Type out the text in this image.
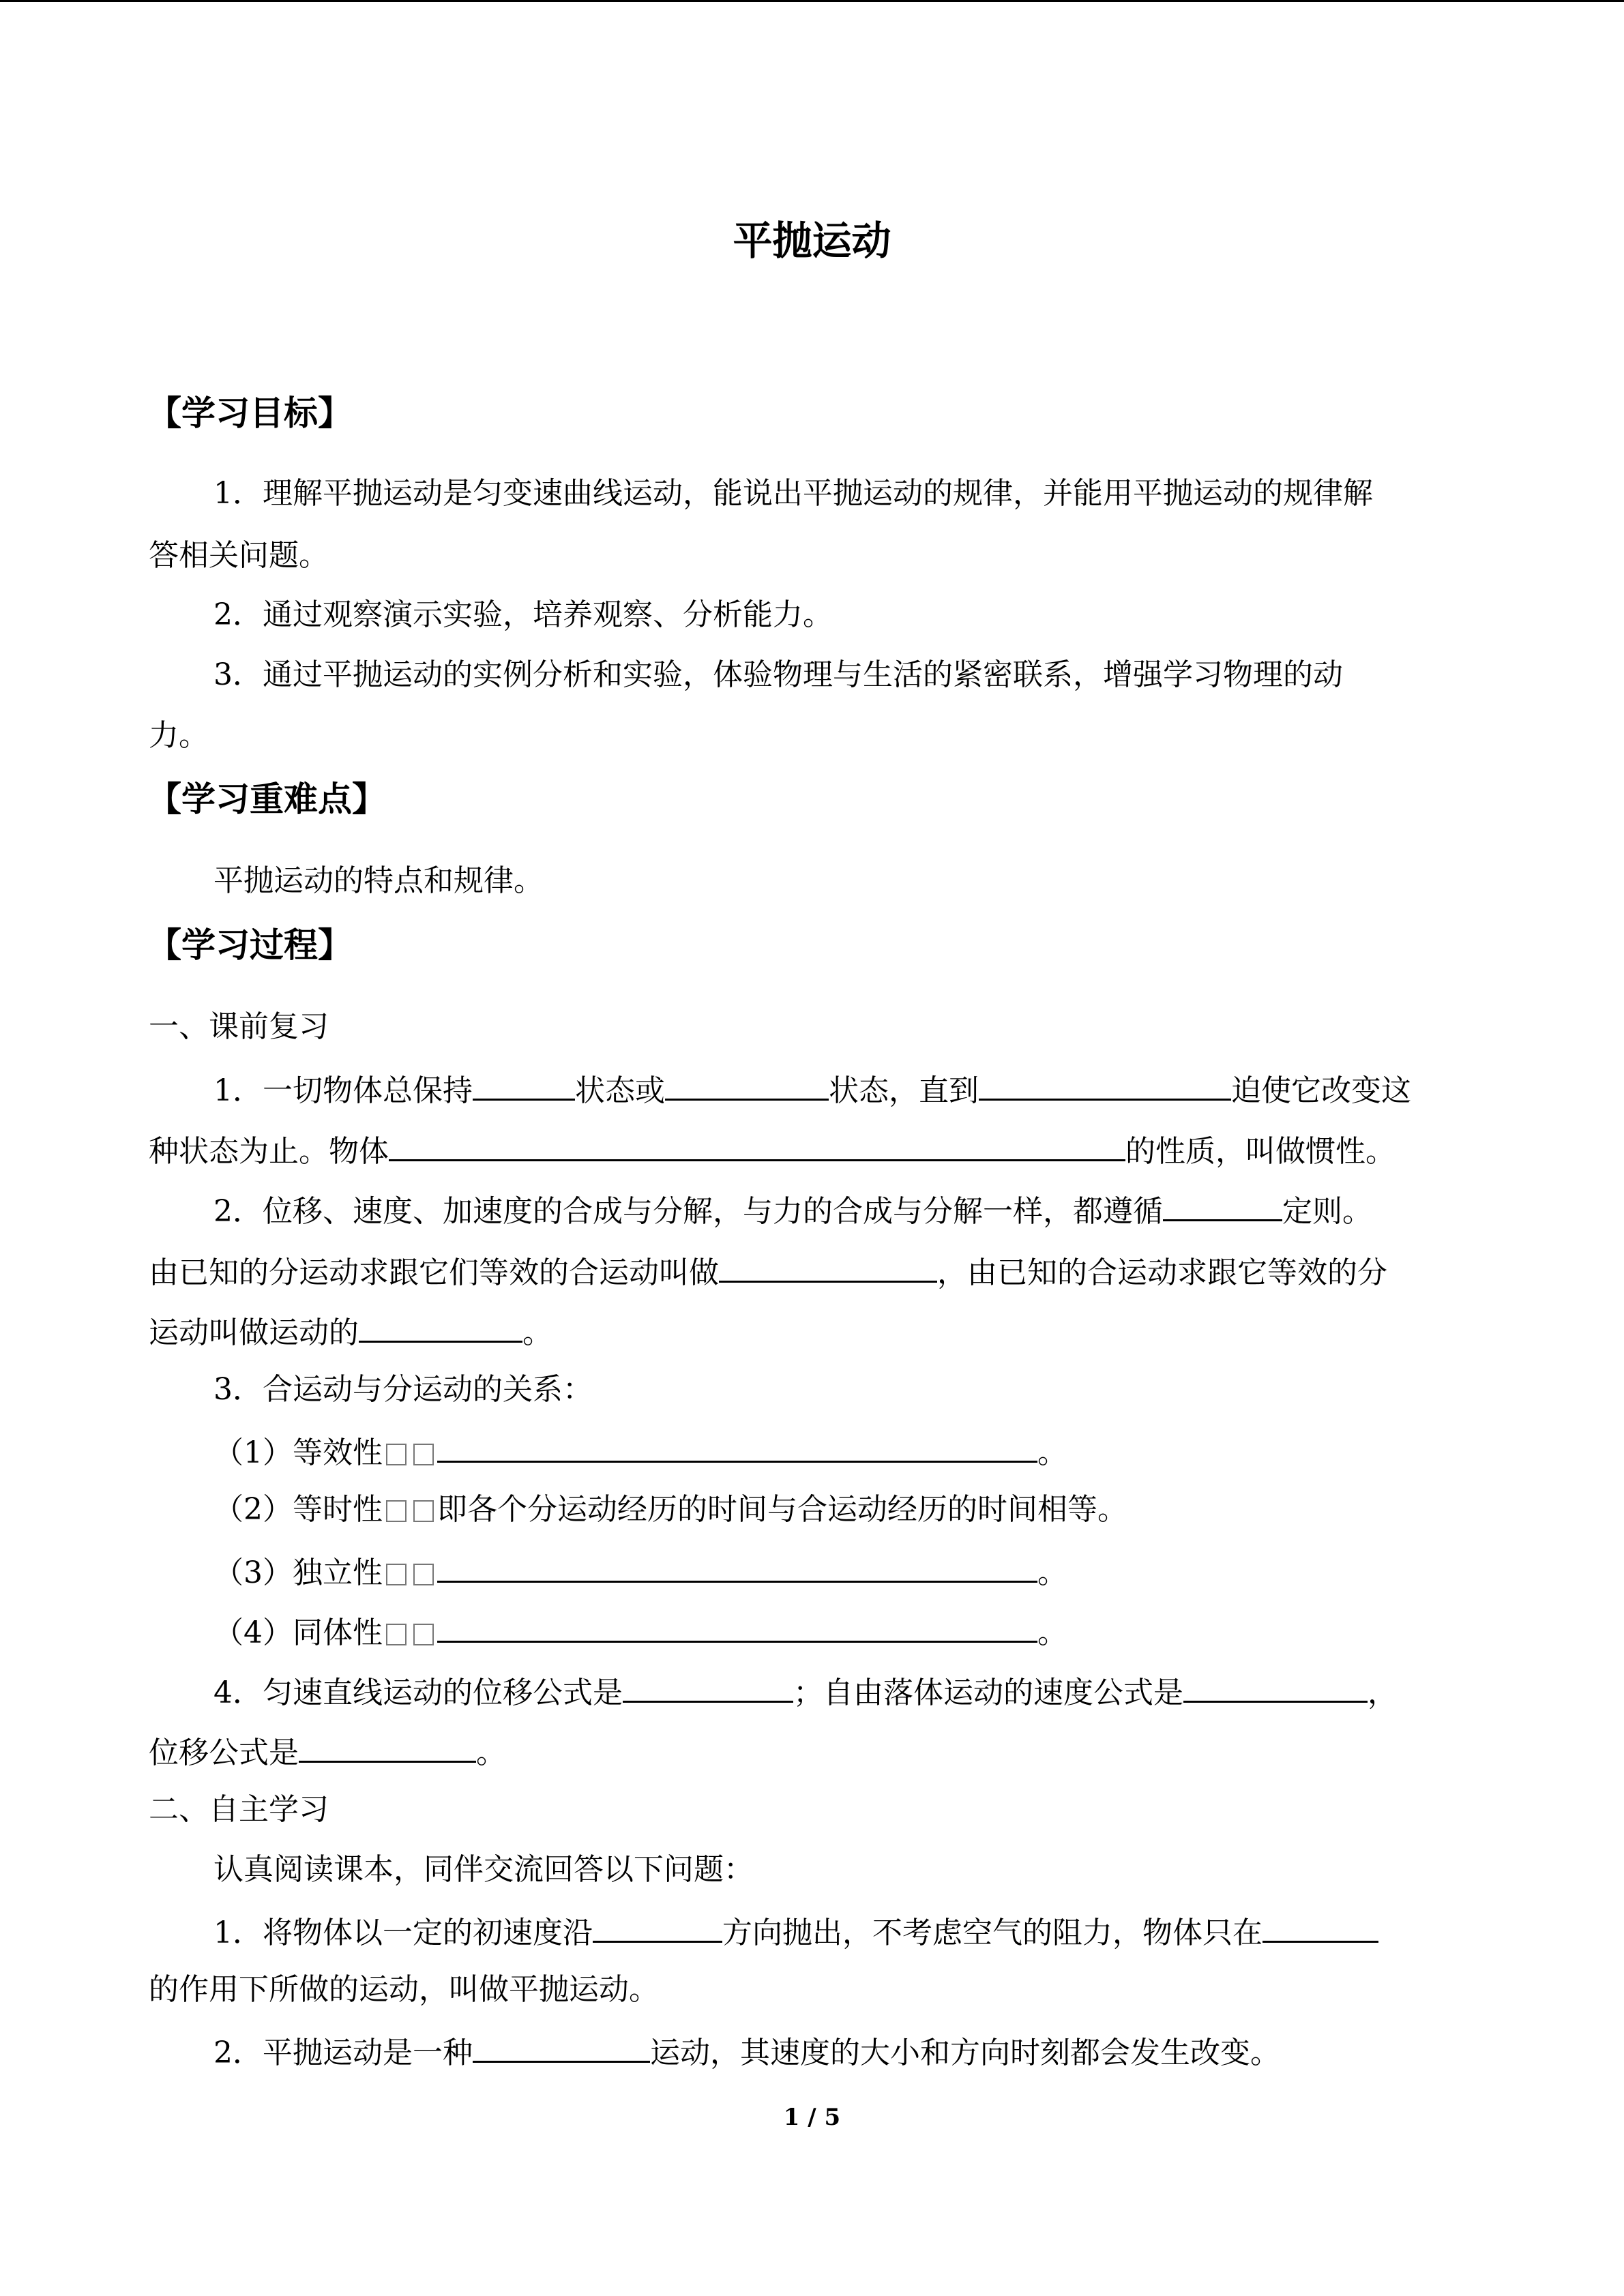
平抛运动
【学习目标】
1．理解平抛运动是匀变速曲线运动，能说出平抛运动的规律，并能用平抛运动的规律解
答相关问题。
2．通过观察演示实验，培养观察、分析能力。
3．通过平抛运动的实例分析和实验，体验物理与生活的紧密联系，增强学习物理的动
力。
【学习重难点】
平抛运动的特点和规律。
【学习过程】
一、课前复习
1．一切物体总保持	状态或	状态，直到	迫使它改变这
种状态为止。物体	的性质，叫做惯性。
2．位移、速度、加速度的合成与分解，与力的合成与分解一样，都遵循	定则。
由已知的分运动求跟它们等效的合运动叫做	，由已知的合运动求跟它等效的分
运动叫做运动的	。
3．合运动与分运动的关系：
（1）等效性	。
（2）等时性 即各个分运动经历的时间与合运动经历的时间相等。
（3）独立性	。
（4）同体性	。
4．匀速直线运动的位移公式是	；自由落体运动的速度公式是	，
位移公式是	。
二、自主学习
认真阅读课本，同伴交流回答以下问题：
1．将物体以一定的初速度沿	方向抛出，不考虑空气的阻力，物体只在
的作用下所做的运动，叫做平抛运动。
2．平抛运动是一种	运动，其速度的大小和方向时刻都会发生改变。
1 / 5
